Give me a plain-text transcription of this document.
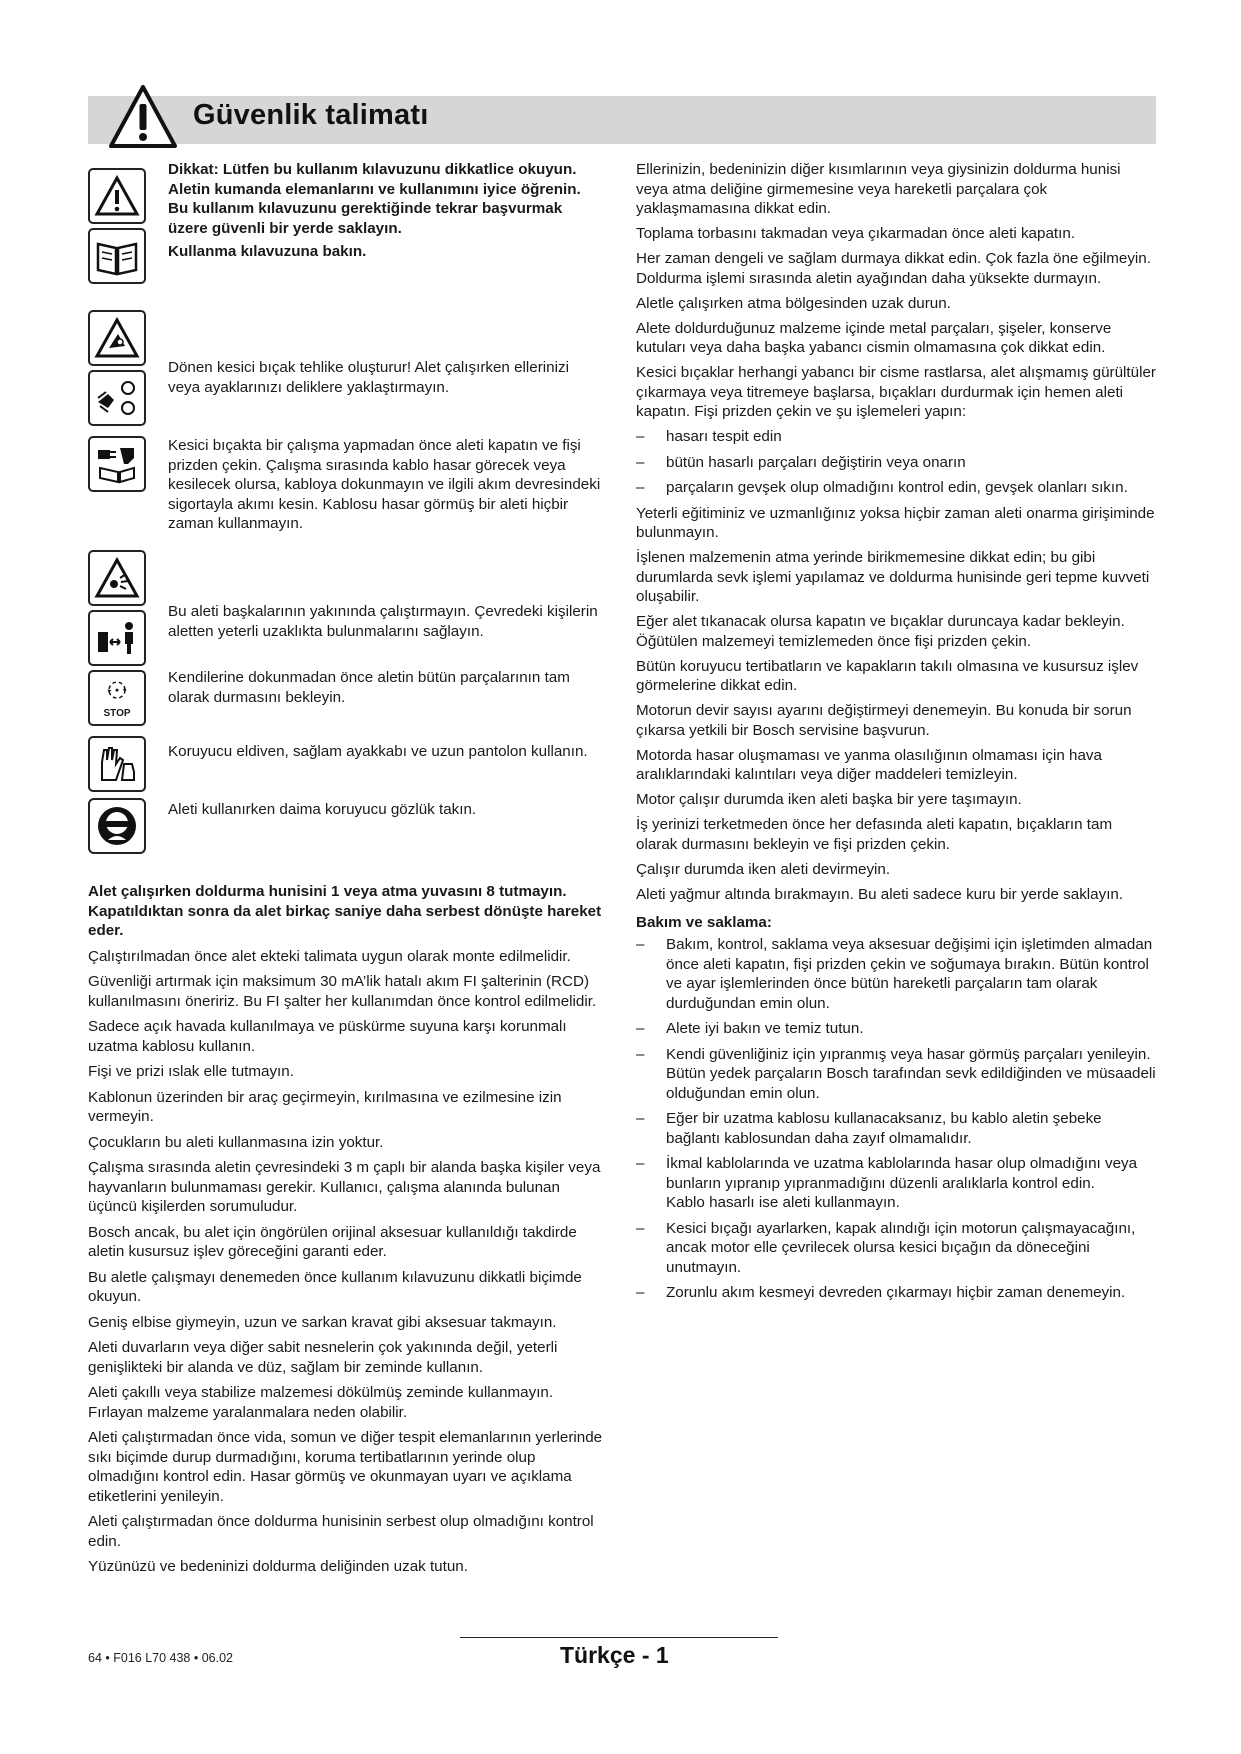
Güvenlik talimatı

Dikkat: Lütfen bu kullanım kılavuzunu dikkatlice okuyun. Aletin kumanda elemanlarını ve kullanımını iyice öğrenin. Bu kullanım kılavuzunu gerektiğinde tekrar başvurmak üzere güvenli bir yerde saklayın.

Kullanma kılavuzuna bakın.

Dönen kesici bıçak tehlike oluşturur! Alet çalışırken ellerinizi veya ayaklarınızı deliklere yaklaştırmayın.

Kesici bıçakta bir çalışma yapmadan önce aleti kapatın ve fişi prizden çekin. Çalışma sırasında kablo hasar görecek veya kesilecek olursa, kabloya dokunmayın ve ilgili akım devresindeki sigortayla akımı kesin. Kablosu hasar görmüş bir aleti hiçbir zaman kullanmayın.

Bu aleti başkalarının yakınında çalıştırmayın. Çevredeki kişilerin aletten yeterli uzaklıkta bulunmalarını sağlayın.

STOP

Kendilerine dokunmadan önce aletin bütün parçalarının tam olarak durmasını bekleyin.

Koruyucu eldiven, sağlam ayakkabı ve uzun pantolon kullanın.

Aleti kullanırken daima koruyucu gözlük takın.

Alet çalışırken doldurma hunisini 1 veya atma yuvasını 8 tutmayın. Kapatıldıktan sonra da alet birkaç saniye daha serbest dönüşte hareket eder.

Çalıştırılmadan önce alet ekteki talimata uygun olarak monte edilmelidir.

Güvenliği artırmak için maksimum 30 mA’lik hatalı akım FI şalterinin (RCD) kullanılmasını öneririz. Bu FI şalter her kullanımdan önce kontrol edilmelidir.

Sadece açık havada kullanılmaya ve püskürme suyuna karşı korunmalı uzatma kablosu kullanın.

Fişi ve prizi ıslak elle tutmayın.

Kablonun üzerinden bir araç geçirmeyin, kırılmasına ve ezilmesine izin vermeyin.

Çocukların bu aleti kullanmasına izin yoktur.

Çalışma sırasında aletin çevresindeki 3 m çaplı bir alanda başka kişiler veya hayvanların bulunmaması gerekir. Kullanıcı, çalışma alanında bulunan üçüncü kişilerden sorumuludur.

Bosch ancak, bu alet için öngörülen orijinal aksesuar kullanıldığı takdirde aletin kusursuz işlev göreceğini garanti eder.

Bu aletle çalışmayı denemeden önce kullanım kılavuzunu dikkatli biçimde okuyun.

Geniş elbise giymeyin, uzun ve sarkan kravat gibi aksesuar takmayın.

Aleti duvarların veya diğer sabit nesnelerin çok yakınında değil, yeterli genişlikteki bir alanda ve düz, sağlam bir zeminde kullanın.

Aleti çakıllı veya stabilize malzemesi dökülmüş zeminde kullanmayın. Fırlayan malzeme yaralanmalara neden olabilir.

Aleti çalıştırmadan önce vida, somun ve diğer tespit elemanlarının yerlerinde sıkı biçimde durup durmadığını, koruma tertibatlarının yerinde olup olmadığını kontrol edin. Hasar görmüş ve okunmayan uyarı ve açıklama etiketlerini yenileyin.

Aleti çalıştırmadan önce doldurma hunisinin serbest olup olmadığını kontrol edin.

Yüzünüzü ve bedeninizi doldurma deliğinden uzak tutun.

Ellerinizin, bedeninizin diğer kısımlarının veya giysinizin doldurma hunisi veya atma deliğine girmemesine veya hareketli parçalara çok yaklaşmamasına dikkat edin.

Toplama torbasını takmadan veya çıkarmadan önce aleti kapatın.

Her zaman dengeli ve sağlam durmaya dikkat edin. Çok fazla öne eğilmeyin. Doldurma işlemi sırasında aletin ayağından daha yüksekte durmayın.

Aletle çalışırken atma bölgesinden uzak durun.

Alete doldurduğunuz malzeme içinde metal parçaları, şişeler, konserve kutuları veya daha başka yabancı cismin olmamasına çok dikkat edin.

Kesici bıçaklar herhangi yabancı bir cisme rastlarsa, alet alışmamış gürültüler çıkarmaya veya titremeye başlarsa, bıçakları durdurmak için hemen aleti kapatın. Fişi prizden çekin ve şu işlemeleri yapın:

– hasarı tespit edin
– bütün hasarlı parçaları değiştirin veya onarın
– parçaların gevşek olup olmadığını kontrol edin, gevşek olanları sıkın.

Yeterli eğitiminiz ve uzmanlığınız yoksa hiçbir zaman aleti onarma girişiminde bulunmayın.

İşlenen malzemenin atma yerinde birikmemesine dikkat edin; bu gibi durumlarda sevk işlemi yapılamaz ve doldurma hunisinde geri tepme kuvveti oluşabilir.

Eğer alet tıkanacak olursa kapatın ve bıçaklar duruncaya kadar bekleyin. Öğütülen malzemeyi temizlemeden önce fişi prizden çekin.

Bütün koruyucu tertibatların ve kapakların takılı olmasına ve kusursuz işlev görmelerine dikkat edin.

Motorun devir sayısı ayarını değiştirmeyi denemeyin. Bu konuda bir sorun çıkarsa yetkili bir Bosch servisine başvurun.

Motorda hasar oluşmaması ve yanma olasılığının olmaması için hava aralıklarındaki kalıntıları veya diğer maddeleri temizleyin.

Motor çalışır durumda iken aleti başka bir yere taşımayın.

İş yerinizi terketmeden önce her defasında aleti kapatın, bıçakların tam olarak durmasını bekleyin ve fişi prizden çekin.

Çalışır durumda iken aleti devirmeyin.

Aleti yağmur altında bırakmayın. Bu aleti sadece kuru bir yerde saklayın.

Bakım ve saklama:
– Bakım, kontrol, saklama veya aksesuar değişimi için işletimden almadan önce aleti kapatın, fişi prizden çekin ve soğumaya bırakın. Bütün kontrol ve ayar işlemlerinden önce bütün hareketli parçaların tam olarak durduğundan emin olun.
– Alete iyi bakın ve temiz tutun.
– Kendi güvenliğiniz için yıpranmış veya hasar görmüş parçaları yenileyin. Bütün yedek parçaların Bosch tarafından sevk edildiğinden ve müsaadeli olduğundan emin olun.
– Eğer bir uzatma kablosu kullanacaksanız, bu kablo aletin şebeke bağlantı kablosundan daha zayıf olmamalıdır.
– İkmal kablolarında ve uzatma kablolarında hasar olup olmadığını veya bunların yıpranıp yıpranmadığını düzenli aralıklarla kontrol edin.
Kablo hasarlı ise aleti kullanmayın.
– Kesici bıçağı ayarlarken, kapak alındığı için motorun çalışmayacağını, ancak motor elle çevrilecek olursa kesici bıçağın da döneceğini unutmayın.
– Zorunlu akım kesmeyi devreden çıkarmayı hiçbir zaman denemeyin.
64 • F016 L70 438 • 06.02	Türkçe - 1
